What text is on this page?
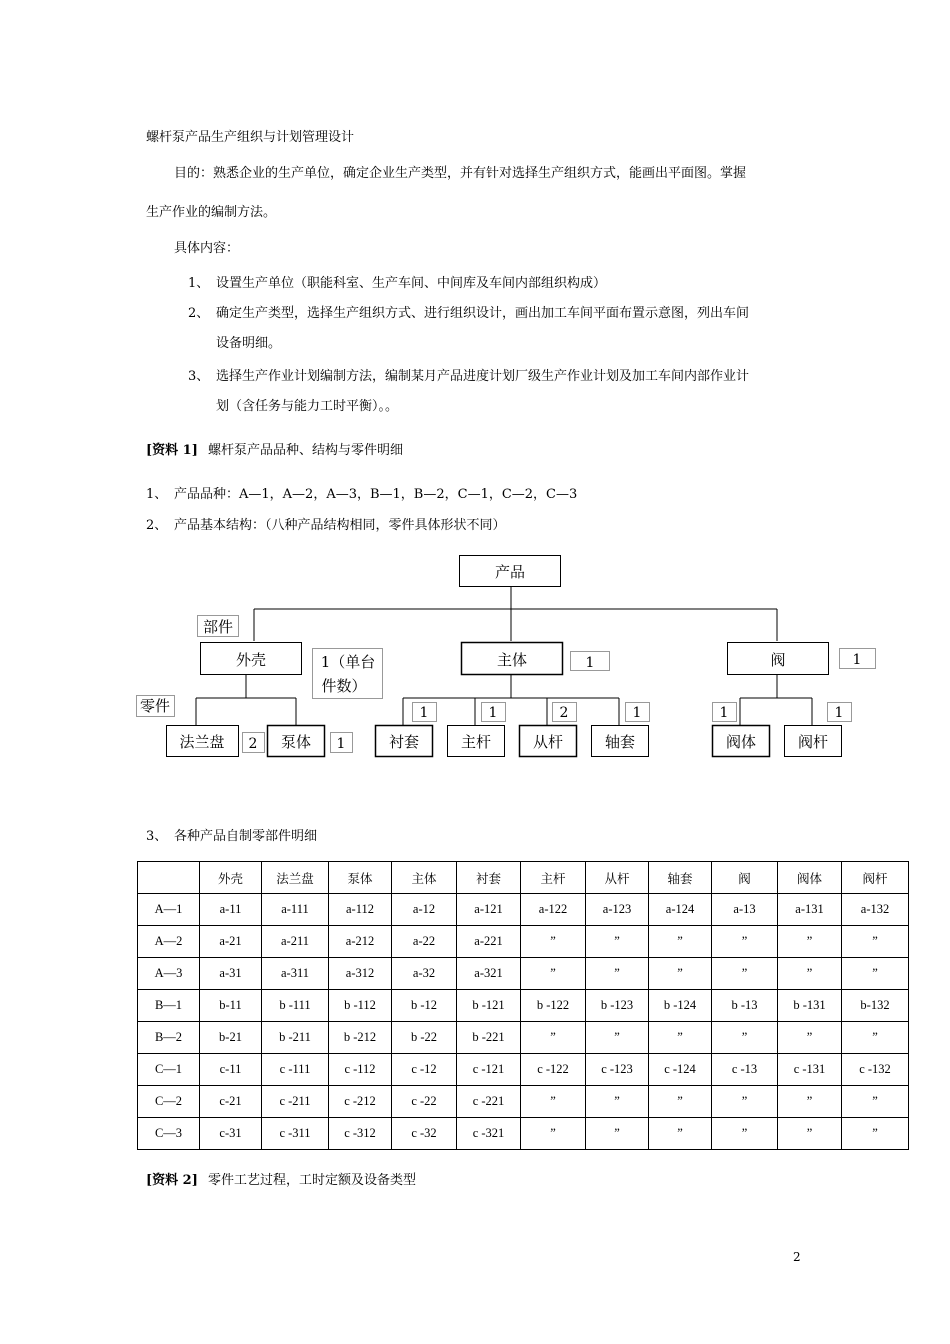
螺杆泵产品生产组织与计划管理设计
目的：熟悉企业的生产单位，确定企业生产类型，并有针对选择生产组织方式，能画出平面图。掌握
生产作业的编制方法。
具体内容：
1、 设置生产单位（职能科室、生产车间、中间库及车间内部组织构成）
2、 确定生产类型，选择生产组织方式、进行组织设计，画出加工车间平面布置示意图，列出车间
设备明细。
3、 选择生产作业计划编制方法，编制某月产品进度计划厂级生产作业计划及加工车间内部作业计
划（含任务与能力工时平衡）。。
[资料 1] 螺杆泵产品品种、结构与零件明细
1、 产品品种：A—1，A—2，A—3，B—1，B—2，C—1，C—2，C—3
2、 产品基本结构：（八种产品结构相同，零件具体形状不同）
产品
部件
零件
外壳	主体	阀
1（单台
件数）
法兰盘	泵体	衬套	主杆	从杆	轴套	阀体	阀杆
1	1
2	1
1	1	2	1	1	1
3、 各种产品自制零部件明细
	外壳	法兰盘	泵体	主体	衬套	主杆	从杆	轴套	阀	阀体	阀杆
A—1	a-11	a-111	a-112	a-12	a-121	a-122	a-123	a-124	a-13	a-131	a-132
A—2	a-21	a-211	a-212	a-22	a-221	”	”	”	”	”	”
A—3	a-31	a-311	a-312	a-32	a-321	”	”	”	”	”	”
B—1	b-11	b -111	b -112	b -12	b -121	b -122	b -123	b -124	b -13	b -131	b-132
B—2	b-21	b -211	b -212	b -22	b -221	”	”	”	”	”	”
C—1	c-11	c -111	c -112	c -12	c -121	c -122	c -123	c -124	c -13	c -131	c -132
C—2	c-21	c -211	c -212	c -22	c -221	”	”	”	”	”	”
C—3	c-31	c -311	c -312	c -32	c -321	”	”	”	”	”	”
[资料 2] 零件工艺过程，工时定额及设备类型
2
